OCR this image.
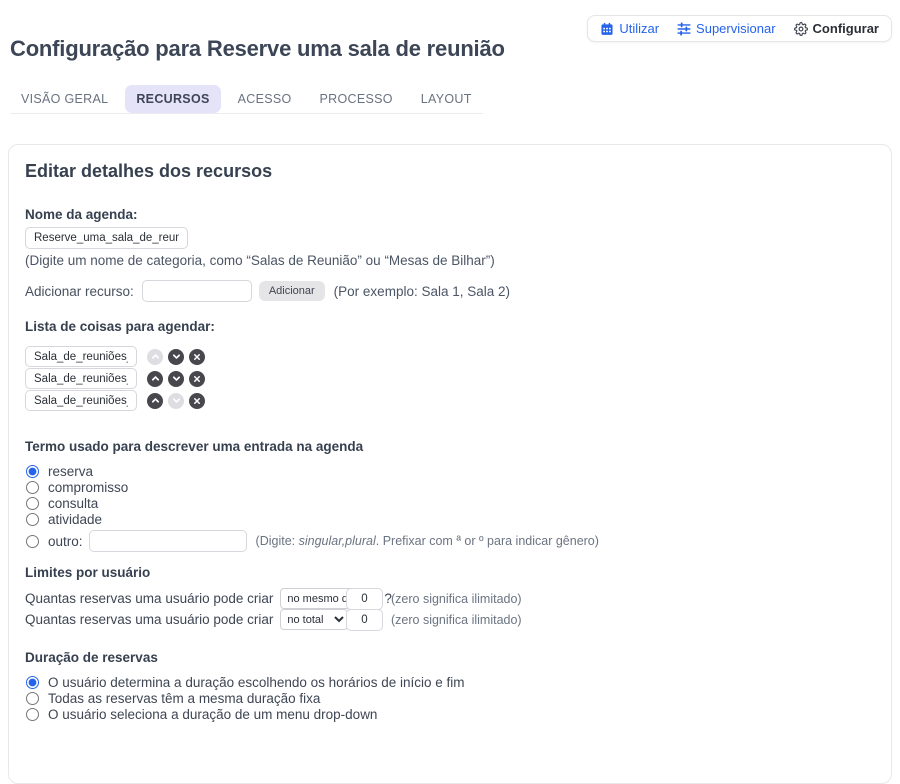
Utilizar	Supervisionar	Configurar
Configuração para Reserve uma sala de reunião
VISÃO GERAL	RECURSOS	ACESSO	PROCESSO	LAYOUT
Editar detalhes dos recursos
Nome da agenda:
Reserve_uma_sala_de_reunião
(Digite um nome de categoria, como “Salas de Reunião” ou “Mesas de Bilhar”)
Adicionar recurso:	Adicionar	(Por exemplo: Sala 1, Sala 2)
Lista de coisas para agendar:
Sala_de_reuniões_1
Sala_de_reuniões_2
Sala_de_reuniões_3
Termo usado para descrever uma entrada na agenda
reserva
compromisso
consulta
atividade
outro:	(Digite: singular,plural. Prefixar com ª or º para indicar gênero)
Limites por usuário
Quantas reservas uma usuário pode criar
no mesmo dia	?
0 (zero significa ilimitado)
Quantas reservas uma usuário pode criar
no total
0	(zero significa ilimitado)
Duração de reservas
O usuário determina a duração escolhendo os horários de início e fim
Todas as reservas têm a mesma duração fixa
O usuário seleciona a duração de um menu drop-down
